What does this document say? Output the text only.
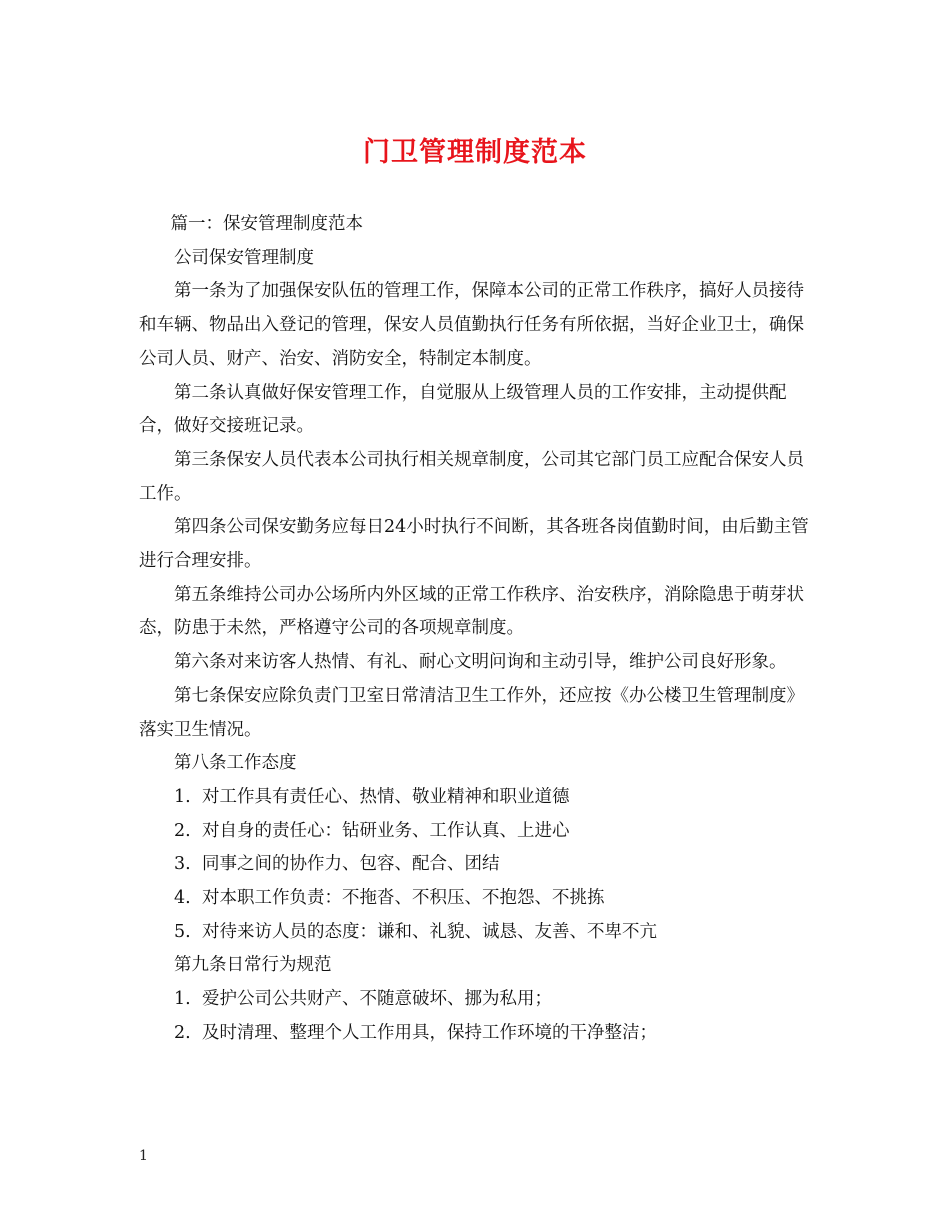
门卫管理制度范本

篇一：保安管理制度范本

公司保安管理制度

第一条为了加强保安队伍的管理工作，保障本公司的正常工作秩序，搞好人员接待和车辆、物品出入登记的管理，保安人员值勤执行任务有所依据，当好企业卫士，确保公司人员、财产、治安、消防安全，特制定本制度。

第二条认真做好保安管理工作，自觉服从上级管理人员的工作安排，主动提供配合，做好交接班记录。

第三条保安人员代表本公司执行相关规章制度，公司其它部门员工应配合保安人员工作。

第四条公司保安勤务应每日24小时执行不间断，其各班各岗值勤时间，由后勤主管进行合理安排。

第五条维持公司办公场所内外区域的正常工作秩序、治安秩序，消除隐患于萌芽状态，防患于未然，严格遵守公司的各项规章制度。

第六条对来访客人热情、有礼、耐心文明问询和主动引导，维护公司良好形象。

第七条保安应除负责门卫室日常清洁卫生工作外，还应按《办公楼卫生管理制度》落实卫生情况。

第八条工作态度

1. 对工作具有责任心、热情、敬业精神和职业道德

2. 对自身的责任心：钻研业务、工作认真、上进心

3. 同事之间的协作力、包容、配合、团结

4. 对本职工作负责：不拖沓、不积压、不抱怨、不挑拣

5. 对待来访人员的态度：谦和、礼貌、诚恳、友善、不卑不亢

第九条日常行为规范

1. 爱护公司公共财产、不随意破坏、挪为私用；

2. 及时清理、整理个人工作用具，保持工作环境的干净整洁；

1
